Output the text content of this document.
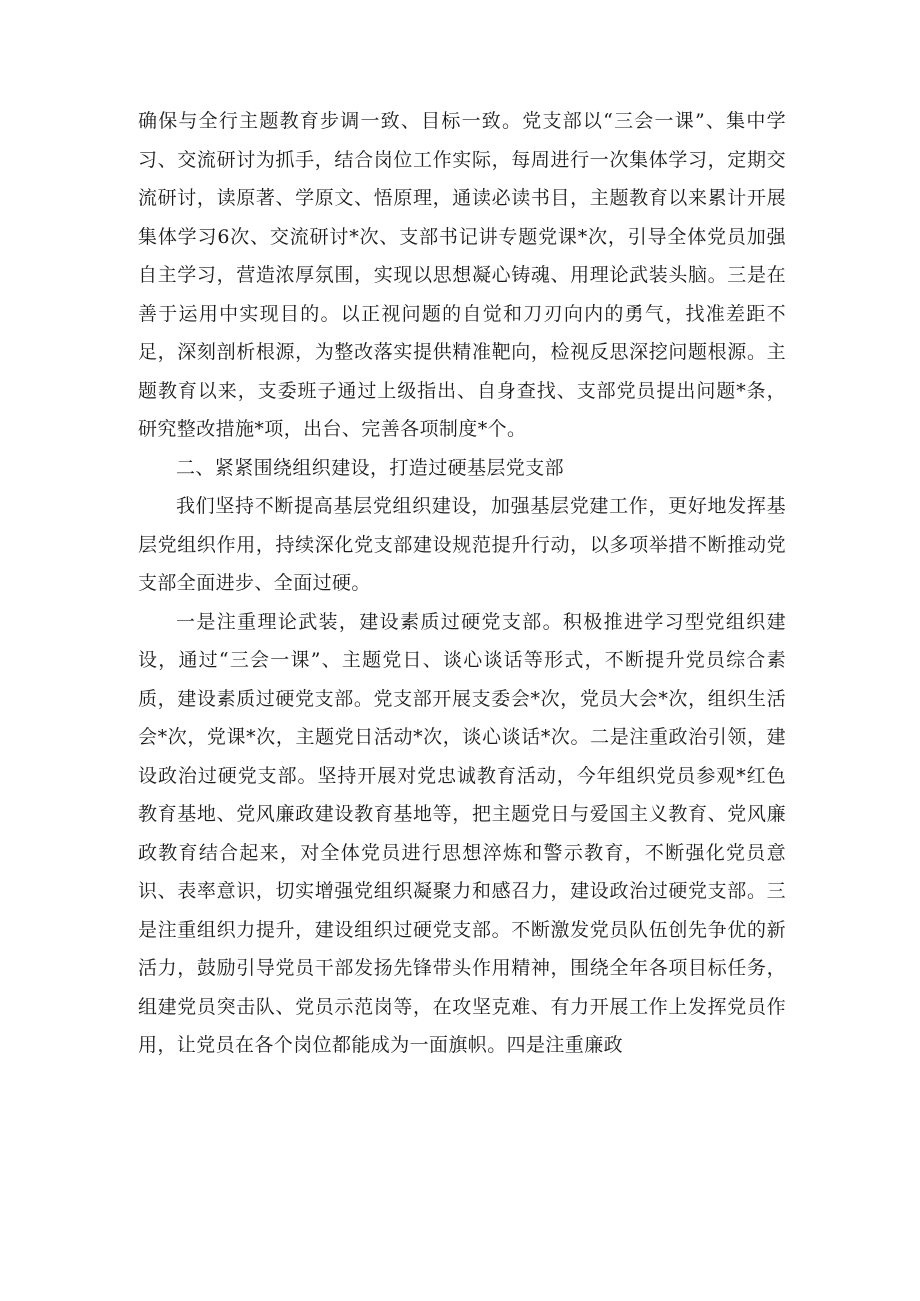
确保与全行主题教育步调一致、目标一致。党支部以“三会一课”、集中学习、交流研讨为抓手，结合岗位工作实际，每周进行一次集体学习，定期交流研讨，读原著、学原文、悟原理，通读必读书目，主题教育以来累计开展集体学习6次、交流研讨*次、支部书记讲专题党课*次，引导全体党员加强自主学习，营造浓厚氛围，实现以思想凝心铸魂、用理论武装头脑。三是在善于运用中实现目的。以正视问题的自觉和刀刃向内的勇气，找准差距不足，深刻剖析根源，为整改落实提供精准靶向，检视反思深挖问题根源。主题教育以来，支委班子通过上级指出、自身查找、支部党员提出问题*条，研究整改措施*项，出台、完善各项制度*个。

二、紧紧围绕组织建设，打造过硬基层党支部

我们坚持不断提高基层党组织建设，加强基层党建工作，更好地发挥基层党组织作用，持续深化党支部建设规范提升行动，以多项举措不断推动党支部全面进步、全面过硬。

一是注重理论武装，建设素质过硬党支部。积极推进学习型党组织建设，通过“三会一课”、主题党日、谈心谈话等形式，不断提升党员综合素质，建设素质过硬党支部。党支部开展支委会*次，党员大会*次，组织生活会*次，党课*次，主题党日活动*次，谈心谈话*次。二是注重政治引领，建设政治过硬党支部。坚持开展对党忠诚教育活动，今年组织党员参观*红色教育基地、党风廉政建设教育基地等，把主题党日与爱国主义教育、党风廉政教育结合起来，对全体党员进行思想淬炼和警示教育，不断强化党员意识、表率意识，切实增强党组织凝聚力和感召力，建设政治过硬党支部。三是注重组织力提升，建设组织过硬党支部。不断激发党员队伍创先争优的新活力，鼓励引导党员干部发扬先锋带头作用精神，围绕全年各项目标任务，组建党员突击队、党员示范岗等，在攻坚克难、有力开展工作上发挥党员作用，让党员在各个岗位都能成为一面旗帜。四是注重廉政
